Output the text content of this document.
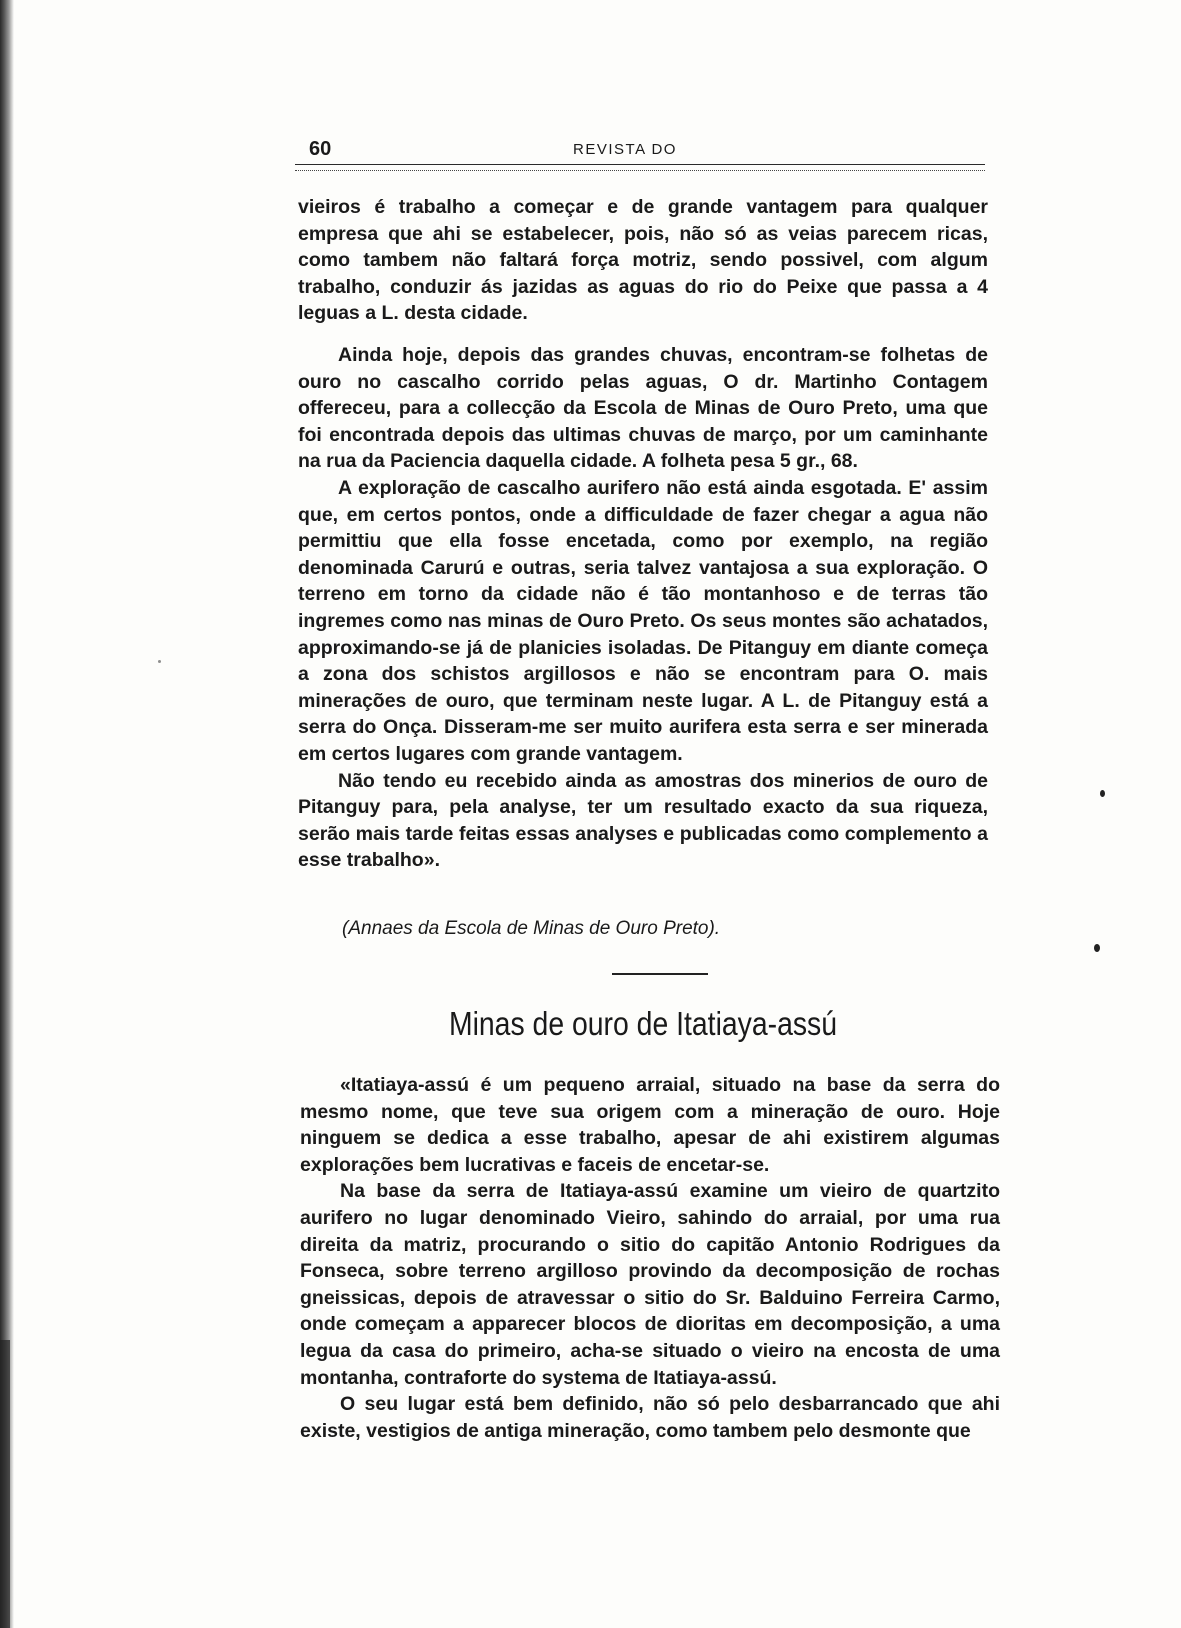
60	REVISTA DO

vieiros é trabalho a começar e de grande vantagem para qualquer empresa que ahi se estabelecer, pois, não só as veias parecem ricas, como tambem não faltará força motriz, sendo possivel, com algum trabalho, conduzir ás jazidas as aguas do rio do Peixe que passa a 4 leguas a L. desta cidade.

Ainda hoje, depois das grandes chuvas, encontram-se folhetas de ouro no cascalho corrido pelas aguas, O dr. Martinho Contagem offereceu, para a collecção da Escola de Minas de Ouro Preto, uma que foi encontrada depois das ultimas chuvas de março, por um caminhante na rua da Paciencia daquella cidade. A folheta pesa 5 gr., 68.

A exploração de cascalho aurifero não está ainda esgotada. E' assim que, em certos pontos, onde a difficuldade de fazer chegar a agua não permittiu que ella fosse encetada, como por exemplo, na região denominada Carurú e outras, seria talvez vantajosa a sua exploração. O terreno em torno da cidade não é tão montanhoso e de terras tão ingremes como nas minas de Ouro Preto. Os seus montes são achatados, approximando-se já de planicies isoladas. De Pitanguy em diante começa a zona dos schistos argillosos e não se encontram para O. mais minerações de ouro, que terminam neste lugar. A L. de Pitanguy está a serra do Onça. Disseram-me ser muito aurifera esta serra e ser minerada em certos lugares com grande vantagem.

Não tendo eu recebido ainda as amostras dos minerios de ouro de Pitanguy para, pela analyse, ter um resultado exacto da sua riqueza, serão mais tarde feitas essas analyses e publicadas como complemento a esse trabalho».

(Annaes da Escola de Minas de Ouro Preto).
Minas de ouro de Itatiaya-assú

«Itatiaya-assú é um pequeno arraial, situado na base da serra do mesmo nome, que teve sua origem com a mineração de ouro. Hoje ninguem se dedica a esse trabalho, apesar de ahi existirem algumas explorações bem lucrativas e faceis de encetar-se.

Na base da serra de Itatiaya-assú examine um vieiro de quartzito aurifero no lugar denominado Vieiro, sahindo do arraial, por uma rua direita da matriz, procurando o sitio do capitão Antonio Rodrigues da Fonseca, sobre terreno argilloso provindo da decomposição de rochas gneissicas, depois de atravessar o sitio do Sr. Balduino Ferreira Carmo, onde começam a apparecer blocos de dioritas em decomposição, a uma legua da casa do primeiro, acha-se situado o vieiro na encosta de uma montanha, contraforte do systema de Itatiaya-assú.

O seu lugar está bem definido, não só pelo desbarrancado que ahi existe, vestigios de antiga mineração, como tambem pelo desmonte que
